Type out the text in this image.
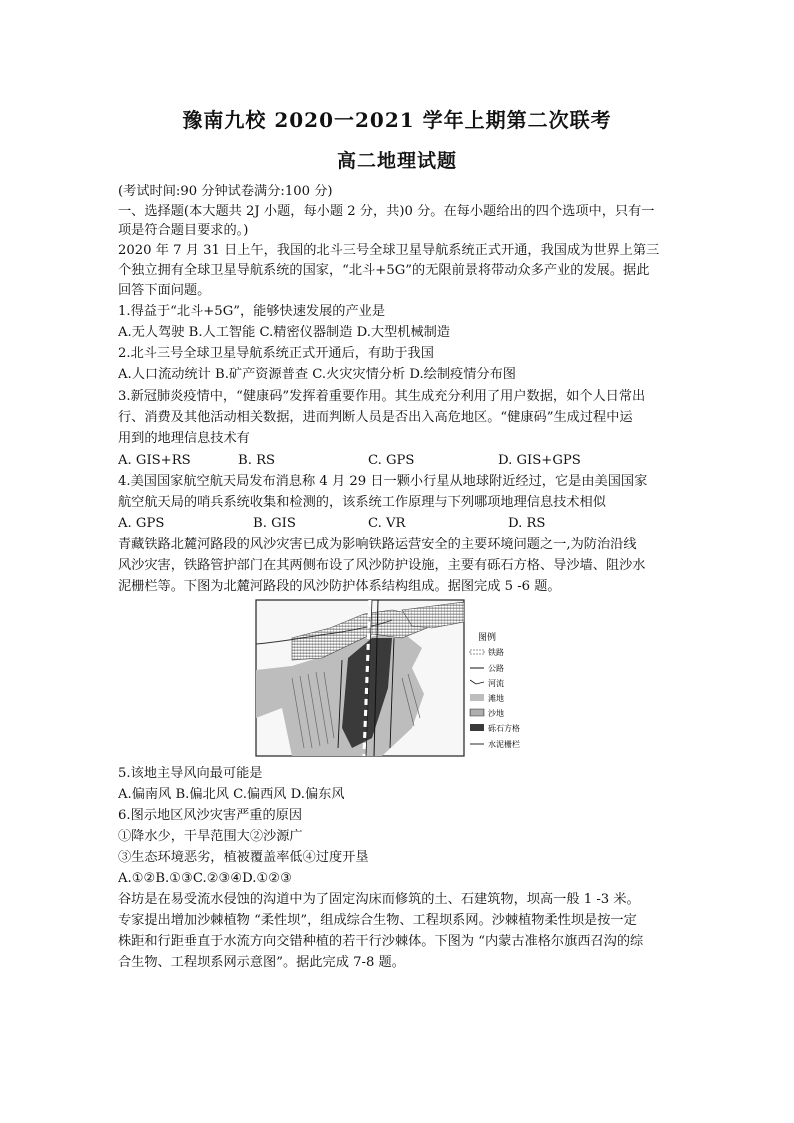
豫南九校 2020一2021 学年上期第二次联考
高二地理试题
(考试时间:90 分钟试卷满分:100 分)
一、选择题(本大题共 2J 小题，每小题 2 分，共)0 分。在每小题给出的四个选项中，只有一
项是符合题目要求的。)
2020 年 7 月 31 日上午，我国的北斗三号全球卫星导航系统正式开通，我国成为世界上第三
个独立拥有全球卫星导航系统的国家，“北斗+5G”的无限前景将带动众多产业的发展。据此
回答下面问题。
1.得益于“北斗+5G”，能够快速发展的产业是
A.无人驾驶 B.人工智能 C.精密仪器制造 D.大型机械制造
2.北斗三号全球卫星导航系统正式开通后，有助于我国
A.人口流动统计 B.矿产资源普查 C.火灾灾情分析 D.绘制疫情分布图
3.新冠肺炎疫情中，“健康码”发挥着重要作用。其生成充分利用了用户数据，如个人日常出
行、消费及其他活动相关数据，进而判断人员是否出入高危地区。“健康码”生成过程中运
用到的地理信息技术有
A. GIS+RS	B. RS	C. GPS	D. GIS+GPS
4.美国国家航空航天局发布消息称 4 月 29 日一颗小行星从地球附近经过，它是由美国国家
航空航天局的哨兵系统收集和检测的，该系统工作原理与下列哪项地理信息技术相似
A. GPS	B. GIS	C. VR	D. RS
青藏铁路北麓河路段的风沙灾害已成为影响铁路运营安全的主要环境问题之一,为防治沿线
风沙灾害，铁路管护部门在其两侧布设了风沙防护设施，主要有砾石方格、导沙墙、阻沙水
泥栅栏等。下图为北麓河路段的风沙防护体系结构组成。据图完成 5 -6 题。
图例
铁路
公路
河流
滩地
沙地
砾石方格
水泥栅栏
5.该地主导风向最可能是
A.偏南风 B.偏北风 C.偏西风 D.偏东风
6.图示地区风沙灾害严重的原因
①降水少，干旱范围大②沙源广
③生态环境恶劣，植被覆盖率低④过度开垦
A.①②B.①③C.②③④D.①②③
谷坊是在易受流水侵蚀的沟道中为了固定沟床而修筑的土、石建筑物，坝高一般 1 -3 米。
专家提出增加沙棘植物 “柔性坝”，组成综合生物、工程坝系网。沙棘植物柔性坝是按一定
株距和行距垂直于水流方向交错种植的若干行沙棘体。下图为 “内蒙古准格尔旗西召沟的综
合生物、工程坝系网示意图”。据此完成 7-8 题。
